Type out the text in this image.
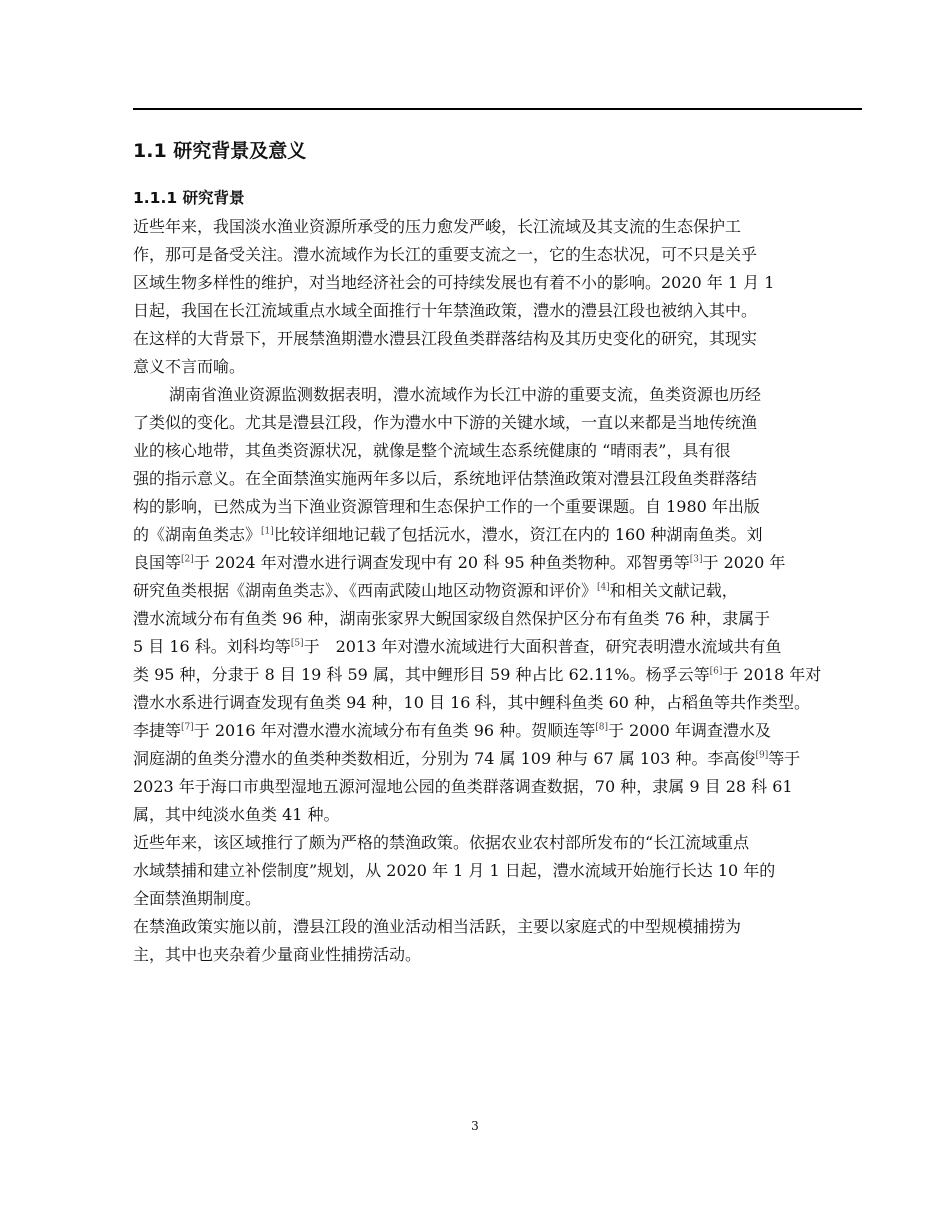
1.1 研究背景及意义
1.1.1 研究背景
近些年来，我国淡水渔业资源所承受的压力愈发严峻，长江流域及其支流的生态保护工
作，那可是备受关注。澧水流域作为长江的重要支流之一，它的生态状况，可不只是关乎
区域生物多样性的维护，对当地经济社会的可持续发展也有着不小的影响。2020 年 1 月 1
日起，我国在长江流域重点水域全面推行十年禁渔政策，澧水的澧县江段也被纳入其中。
在这样的大背景下，开展禁渔期澧水澧县江段鱼类群落结构及其历史变化的研究，其现实
意义不言而喻。
湖南省渔业资源监测数据表明，澧水流域作为长江中游的重要支流，鱼类资源也历经
了类似的变化。尤其是澧县江段，作为澧水中下游的关键水域，一直以来都是当地传统渔
业的核心地带，其鱼类资源状况，就像是整个流域生态系统健康的 “晴雨表”，具有很
强的指示意义。在全面禁渔实施两年多以后，系统地评估禁渔政策对澧县江段鱼类群落结
构的影响，已然成为当下渔业资源管理和生态保护工作的一个重要课题。自 1980 年出版
的《湖南鱼类志》[1]比较详细地记载了包括沅水，澧水，资江在内的 160 种湖南鱼类。刘
良国等[2]于 2024 年对澧水进行调查发现中有 20 科 95 种鱼类物种。邓智勇等[3]于 2020 年
研究鱼类根据《湖南鱼类志》、《西南武陵山地区动物资源和评价》[4]和相关文献记载，
澧水流域分布有鱼类 96 种，湖南张家界大鲵国家级自然保护区分布有鱼类 76 种，隶属于
5 目 16 科。刘科均等[5]于　2013 年对澧水流域进行大面积普查，研究表明澧水流域共有鱼
类 95 种，分隶于 8 目 19 科 59 属，其中鲤形目 59 种占比 62.11%。杨孚云等[6]于 2018 年对
澧水水系进行调查发现有鱼类 94 种，10 目 16 科，其中鲤科鱼类 60 种，占稻鱼等共作类型。
李捷等[7]于 2016 年对澧水澧水流域分布有鱼类 96 种。贺顺连等[8]于 2000 年调查澧水及
洞庭湖的鱼类分澧水的鱼类种类数相近，分别为 74 属 109 种与 67 属 103 种。李高俊[9]等于
2023 年于海口市典型湿地五源河湿地公园的鱼类群落调查数据，70 种，隶属 9 目 28 科 61
属，其中纯淡水鱼类 41 种。
近些年来，该区域推行了颇为严格的禁渔政策。依据农业农村部所发布的“长江流域重点
水域禁捕和建立补偿制度”规划，从 2020 年 1 月 1 日起，澧水流域开始施行长达 10 年的
全面禁渔期制度。
在禁渔政策实施以前，澧县江段的渔业活动相当活跃，主要以家庭式的中型规模捕捞为
主，其中也夹杂着少量商业性捕捞活动。
3
